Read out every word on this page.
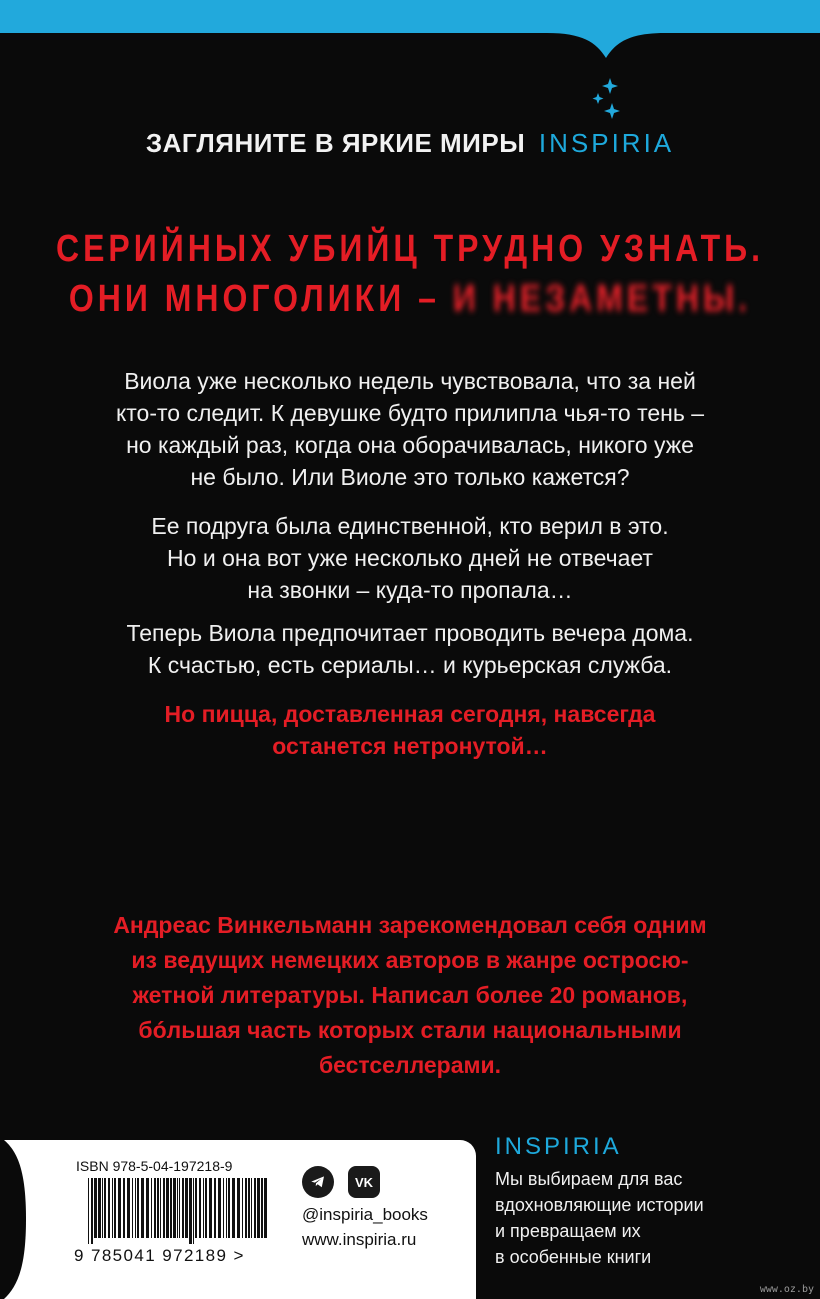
ЗАГЛЯНИТЕ В ЯРКИЕ МИРЫ INSPIRIA
СЕРИЙНЫХ УБИЙЦ ТРУДНО УЗНАТЬ.
ОНИ МНОГОЛИКИ – И НЕЗАМЕТНЫ.
Виола уже несколько недель чувствовала, что за ней
кто-то следит. К девушке будто прилипла чья-то тень –
но каждый раз, когда она оборачивалась, никого уже
не было. Или Виоле это только кажется?
Ее подруга была единственной, кто верил в это.
Но и она вот уже несколько дней не отвечает
на звонки – куда-то пропала…
Теперь Виола предпочитает проводить вечера дома.
К счастью, есть сериалы… и курьерская служба.
Но пицца, доставленная сегодня, навсегда
останется нетронутой…
Андреас Винкельманн зарекомендовал себя одним
из ведущих немецких авторов в жанре остросю-
жетной литературы. Написал более 20 романов,
бóльшая часть которых стали национальными
бестселлерами.
ISBN 978-5-04-197218-9
9 785041 972189 >
VK
@inspiria_books
www.inspiria.ru
INSPIRIA
Мы выбираем для вас
вдохновляющие истории
и превращаем их
в особенные книги
www.oz.by
